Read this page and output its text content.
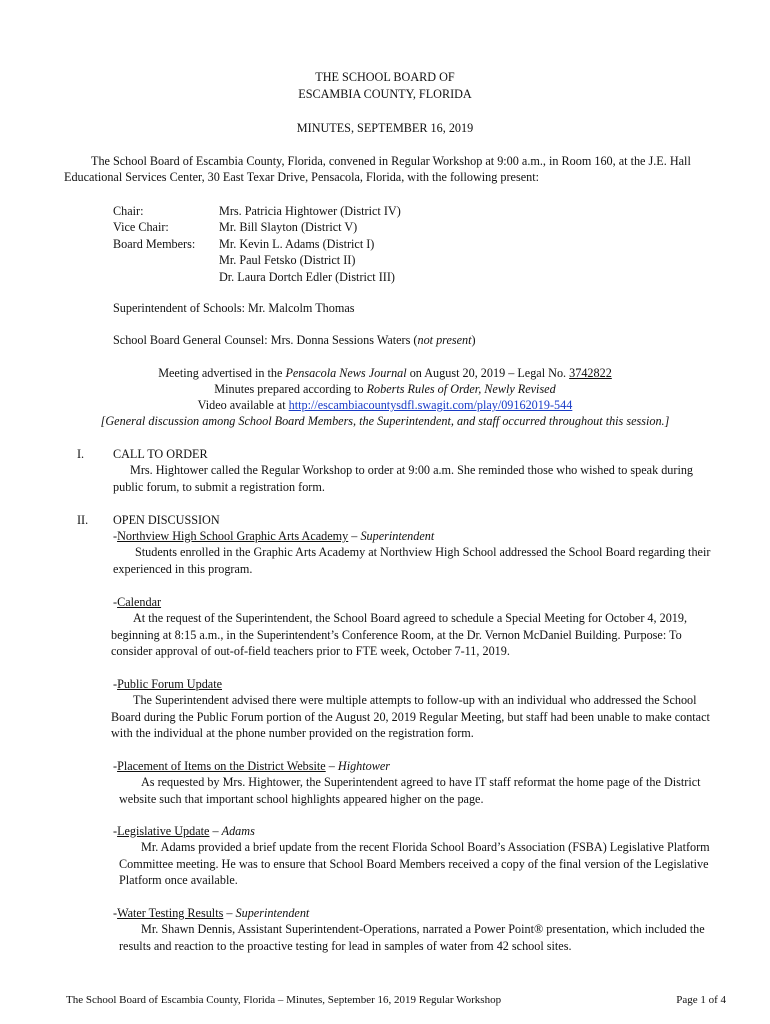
THE SCHOOL BOARD OF
ESCAMBIA COUNTY, FLORIDA
MINUTES, SEPTEMBER 16, 2019
The School Board of Escambia County, Florida, convened in Regular Workshop at 9:00 a.m., in Room 160, at the J.E. Hall Educational Services Center, 30 East Texar Drive, Pensacola, Florida, with the following present:
Chair:	Mrs. Patricia Hightower (District IV)
Vice Chair:	Mr. Bill Slayton (District V)
Board Members:	Mr. Kevin L. Adams (District I)
Mr. Paul Fetsko (District II)
Dr. Laura Dortch Edler (District III)
Superintendent of Schools: Mr. Malcolm Thomas
School Board General Counsel: Mrs. Donna Sessions Waters (not present)
Meeting advertised in the Pensacola News Journal on August 20, 2019 – Legal No. 3742822
Minutes prepared according to Roberts Rules of Order, Newly Revised
Video available at http://escambiacountysdfl.swagit.com/play/09162019-544
[General discussion among School Board Members, the Superintendent, and staff occurred throughout this session.]
I. CALL TO ORDER
Mrs. Hightower called the Regular Workshop to order at 9:00 a.m. She reminded those who wished to speak during public forum, to submit a registration form.
II. OPEN DISCUSSION
-Northview High School Graphic Arts Academy – Superintendent
Students enrolled in the Graphic Arts Academy at Northview High School addressed the School Board regarding their experienced in this program.
-Calendar
At the request of the Superintendent, the School Board agreed to schedule a Special Meeting for October 4, 2019, beginning at 8:15 a.m., in the Superintendent’s Conference Room, at the Dr. Vernon McDaniel Building. Purpose: To consider approval of out-of-field teachers prior to FTE week, October 7-11, 2019.
-Public Forum Update
The Superintendent advised there were multiple attempts to follow-up with an individual who addressed the School Board during the Public Forum portion of the August 20, 2019 Regular Meeting, but staff had been unable to make contact with the individual at the phone number provided on the registration form.
-Placement of Items on the District Website – Hightower
As requested by Mrs. Hightower, the Superintendent agreed to have IT staff reformat the home page of the District website such that important school highlights appeared higher on the page.
-Legislative Update – Adams
Mr. Adams provided a brief update from the recent Florida School Board’s Association (FSBA) Legislative Platform Committee meeting. He was to ensure that School Board Members received a copy of the final version of the Legislative Platform once available.
-Water Testing Results – Superintendent
Mr. Shawn Dennis, Assistant Superintendent-Operations, narrated a Power Point® presentation, which included the results and reaction to the proactive testing for lead in samples of water from 42 school sites.
The School Board of Escambia County, Florida – Minutes, September 16, 2019 Regular Workshop	Page 1 of 4
